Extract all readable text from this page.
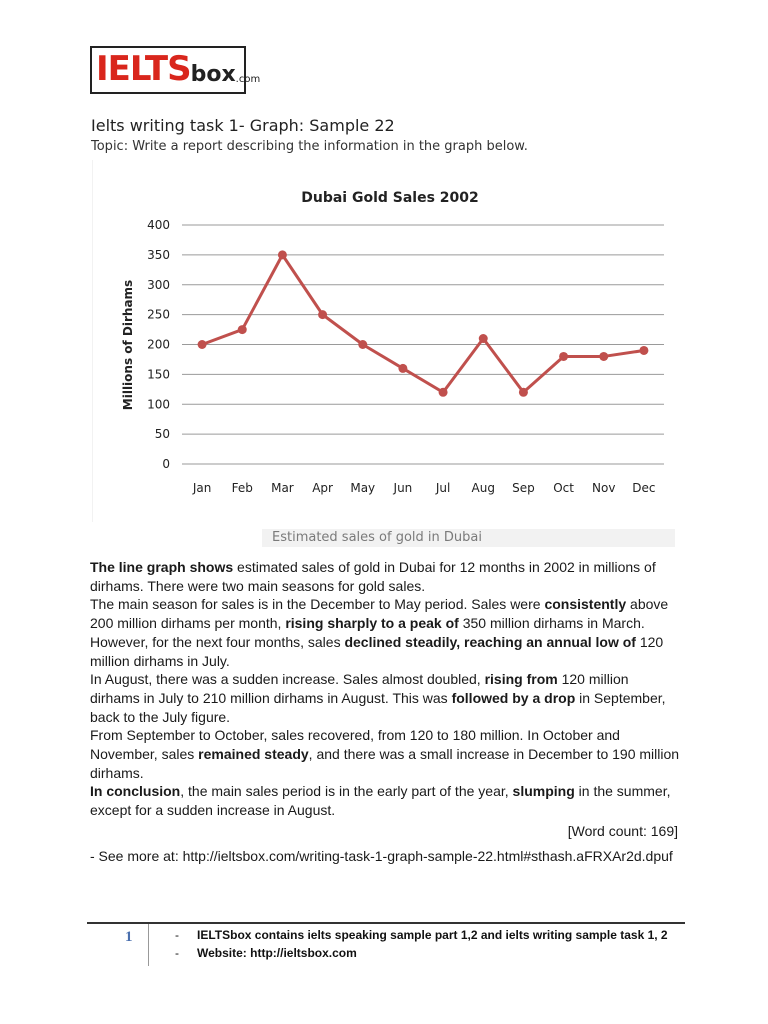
IELTS box .com
Ielts writing task 1- Graph: Sample 22
Topic: Write a report describing the information in the graph below.
Dubai Gold Sales 2002
Millions of Dirhams
0
50
100
150
200
250
300
350
400
Jan Feb Mar Apr May Jun Jul Aug Sep Oct Nov Dec
Estimated sales of gold in Dubai

The line graph shows estimated sales of gold in Dubai for 12 months in 2002 in millions of dirhams. There were two main seasons for gold sales.

The main season for sales is in the December to May period. Sales were consistently above 200 million dirhams per month, rising sharply to a peak of 350 million dirhams in March. However, for the next four months, sales declined steadily, reaching an annual low of 120 million dirhams in July.

In August, there was a sudden increase. Sales almost doubled, rising from 120 million dirhams in July to 210 million dirhams in August. This was followed by a drop in September, back to the July figure.

From September to October, sales recovered, from 120 to 180 million. In October and November, sales remained steady, and there was a small increase in December to 190 million dirhams.

In conclusion, the main sales period is in the early part of the year, slumping in the summer, except for a sudden increase in August.

[Word count: 169]

- See more at: http://ieltsbox.com/writing-task-1-graph-sample-22.html#sthash.aFRXAr2d.dpuf

1	- IELTSbox contains ielts speaking sample part 1,2 and ielts writing sample task 1, 2
- Website: http://ieltsbox.com
